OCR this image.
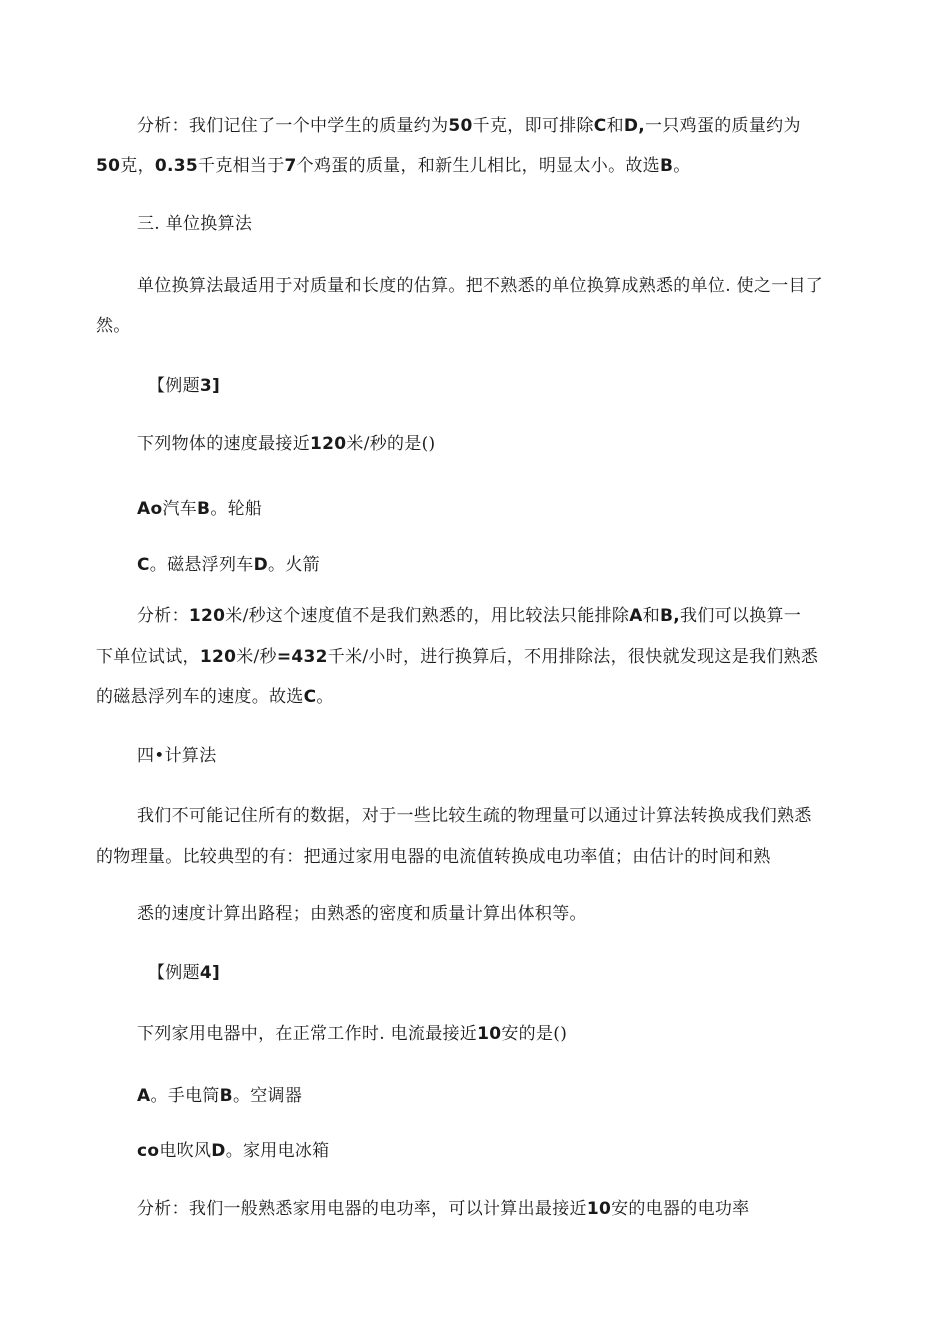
分析：我们记住了一个中学生的质量约为50千克，即可排除C和D,一只鸡蛋的质量约为
50克，0.35千克相当于7个鸡蛋的质量，和新生儿相比，明显太小。故选B。
三. 单位换算法
单位换算法最适用于对质量和长度的估算。把不熟悉的单位换算成熟悉的单位. 使之一目了
然。
【例题3]
下列物体的速度最接近120米/秒的是()
Ao汽车B。轮船
C。磁悬浮列车D。火箭
分析：120米/秒这个速度值不是我们熟悉的，用比较法只能排除A和B,我们可以换算一
下单位试试，120米/秒=432千米/小时，进行换算后，不用排除法，很快就发现这是我们熟悉
的磁悬浮列车的速度。故选C。
四•计算法
我们不可能记住所有的数据，对于一些比较生疏的物理量可以通过计算法转换成我们熟悉
的物理量。比较典型的有：把通过家用电器的电流值转换成电功率值；由估计的时间和熟
悉的速度计算出路程；由熟悉的密度和质量计算出体积等。
【例题4]
下列家用电器中，在正常工作时. 电流最接近10安的是()
A。手电筒B。空调器
co电吹风D。家用电冰箱
分析：我们一般熟悉家用电器的电功率，可以计算出最接近10安的电器的电功率
